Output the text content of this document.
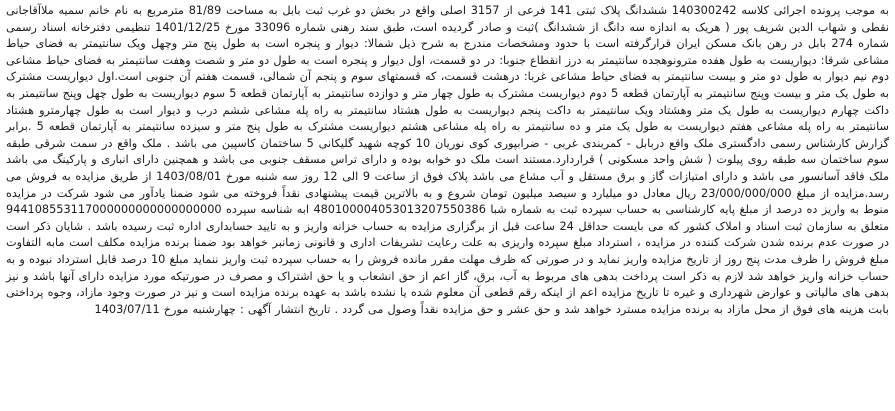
به موجب پرونده اجرائی کلاسه 140300242 ششدانگ پلاک ثبتی 141 فرعی از 3157 اصلی واقع در بخش دو غرب ثبت بابل به مساحت 81/89 مترمربع به نام خانم سمیه ملاآقاجانی نقطی و شهاب الدین شریف پور ( هریک به اندازه سه دانگ از ششدانگ )ثبت و صادر گردیده است، طبق سند رهنی شماره 33096 مورخ 1401/12/25 تنظیمی دفترخانه اسناد رسمی شماره 274 بابل در رهن بانک مسکن ایران قرارگرفته است با حدود ومشخصات مندرج به شرح ذیل شمالا: دیوار و پنجره است به طول پنج متر وچهل ویک سانتیمتر به فضای حیاط مشاعی شرقا: دیواریست به طول هفده مترونوهجده سانتیمتر به درز انقطاع جنوبا: در دو قسمت، اول دیوار و پنجره است به طول دو متر و شصت وهفت سانتیمتر به فضای حیاط مشاعی دوم نیم دیوار به طول دو متر و بیست سانتیمتر به فضای حیاط مشاعی غربا: درهشت قسمت، که قسمتهای سوم و پنجم آن شمالی، قسمت هفتم آن جنوبی است.اول دیواریست مشترک به طول یک متر و بیست وپنج سانتیمتر به آپارتمان قطعه 5 دوم دیواریست مشترک به طول چهار متر و دوازده سانتیمتر به آپارتمان قطعه 5 سوم دیواریست به طول چهل وپنج سانتیمتر به داکت چهارم دیواریست به طول یک متر وهشتاد ویک سانتیمتر به داکت پنجم دیواریست به طول هشتاد سانتیمتر به راه پله مشاعی ششم درب و دیوار است به طول چهارمترو هشتاد سانتیمتر به راه پله مشاعی هفتم دیواریست به طول یک متر و ده سانتیمتر به راه پله مشاعی هشتم دیواریست مشترک به طول پنج متر و سیزده سانتیمتر به آپارتمان قطعه 5 .برابر گزارش کارشناس رسمی دادگستری ملک واقع دربابل - کمربندی غربی - ضرابپوری کوی نوریان 10 کوچه شهید گلیکانی 5 ساختمان کاسپین می باشد . ملک واقع در سمت شرقی طبقه سوم ساختمان سه طبقه روی پیلوت ( شش واحد مسکونی ) قراردارد.مستند است ملک دو خوابه بوده و دارای تراس مسقف جنوبی می باشد و همچنین دارای انباری و پارکینگ می باشد ملک فاقد آسانسور می باشد و دارای امتیازات گاز و برق مستقل و آب مشاع می باشد پلاک فوق از ساعت 9 الی 12 روز سه شنبه مورخ 1403/08/01 از طریق مزایده به فروش می رسد.مزایده از مبلغ 23/000/000/000 ریال معادل دو میلیارد و سیصد میلیون تومان شروع و به بالاترین قیمت پیشنهادی نقداً فروخته می شود ضمنا یادآور می شود شرکت در مزایده منوط به واریز ده درصد از مبلغ پایه کارشناسی به حساب سپرده ثبت به شماره شبا 480100004053013207550386 ابه شناسه سپرده 944108553117000000000000000000 متعلق به سازمان ثبت اسناد و املاک کشور که می بایست حداقل 24 ساعت قبل از برگزاری مزایده به حساب خزانه واریز و به تایید حسابداری اداره ثبت رسیده باشد . شایان ذکر است در صورت عدم برنده شدن شرکت کننده در مزایده ، استرداد مبلغ سپرده واریزی به علت رعایت تشریفات اداری و قانونی زمانبر خواهد بود ضمنا برنده مزایده مکلف است مابه التفاوت مبلغ فروش را ظرف مدت پنج روز از تاریخ مزایده واریز نماید و در صورتی که ظرف مهلت مقرر مانده فروش را به حساب سپرده ثبت واریز ننماید مبلغ 10 درصد قابل استرداد نبوده و به حساب خزانه واریز خواهد شد لازم به ذکر است پرداخت بدهی های مربوط به آب، برق، گاز اعم از حق انشعاب و یا حق اشتراک و مصرف در صورتیکه مورد مزایده دارای آنها باشد و نیز بدهی های مالیاتی و عوارض شهرداری و غیره تا تاریخ مزایده اعم از اینکه رقم قطعی آن معلوم شده یا نشده باشد به عهده برنده مزایده است و نیز در صورت وجود مازاد، وجوه پرداختی بابت هزینه های فوق از محل مازاد به برنده مزایده مسترد خواهد شد و حق عشر و حق مزایده نقداً وصول می گردد . تاریخ انتشار آگهی : چهارشنبه مورخ 1403/07/11
